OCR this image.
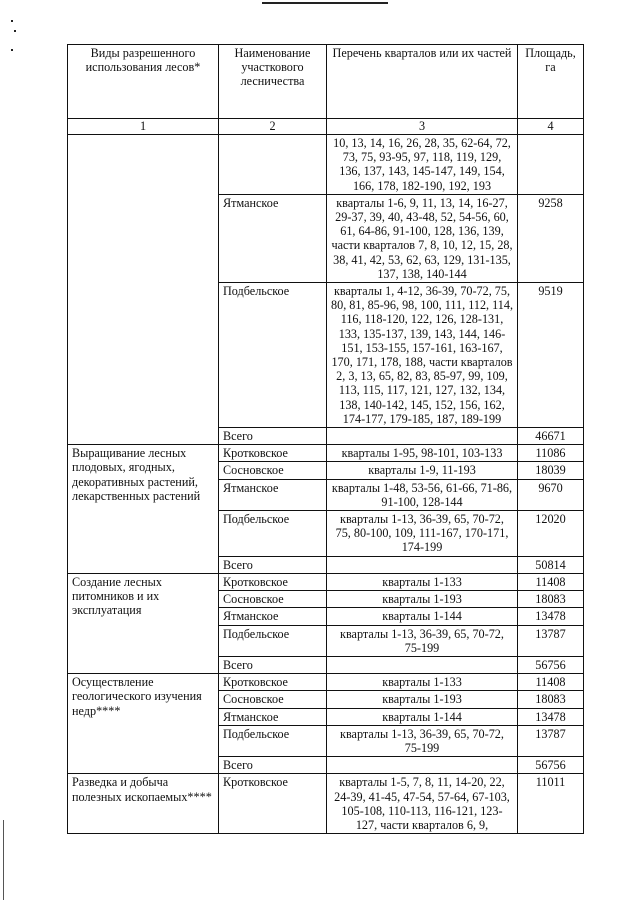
Виды разрешенного использования лесов*	Наименование участкового лесничества	Перечень кварталов или их частей	Площадь, га
1	2	3	4
		10, 13, 14, 16, 26, 28, 35, 62-64, 72, 73, 75, 93-95, 97, 118, 119, 129, 136, 137, 143, 145-147, 149, 154, 166, 178, 182-190, 192, 193	
	Ятманское	кварталы 1-6, 9, 11, 13, 14, 16-27, 29-37, 39, 40, 43-48, 52, 54-56, 60, 61, 64-86, 91-100, 128, 136, 139, части кварталов 7, 8, 10, 12, 15, 28, 38, 41, 42, 53, 62, 63, 129, 131-135, 137, 138, 140-144	9258
	Подбельское	кварталы 1, 4-12, 36-39, 70-72, 75, 80, 81, 85-96, 98, 100, 111, 112, 114, 116, 118-120, 122, 126, 128-131, 133, 135-137, 139, 143, 144, 146-151, 153-155, 157-161, 163-167, 170, 171, 178, 188, части кварталов 2, 3, 13, 65, 82, 83, 85-97, 99, 109, 113, 115, 117, 121, 127, 132, 134, 138, 140-142, 145, 152, 156, 162, 174-177, 179-185, 187, 189-199	9519
	Всего		46671
Выращивание лесных плодовых, ягодных, декоративных растений, лекарственных растений	Кротковское	кварталы 1-95, 98-101, 103-133	11086
	Сосновское	кварталы 1-9, 11-193	18039
	Ятманское	кварталы 1-48, 53-56, 61-66, 71-86, 91-100, 128-144	9670
	Подбельское	кварталы 1-13, 36-39, 65, 70-72, 75, 80-100, 109, 111-167, 170-171, 174-199	12020
	Всего		50814
Создание лесных питомников и их эксплуатация	Кротковское	кварталы 1-133	11408
	Сосновское	кварталы 1-193	18083
	Ятманское	кварталы 1-144	13478
	Подбельское	кварталы 1-13, 36-39, 65, 70-72, 75-199	13787
	Всего		56756
Осуществление геологического изучения недр****	Кротковское	кварталы 1-133	11408
	Сосновское	кварталы 1-193	18083
	Ятманское	кварталы 1-144	13478
	Подбельское	кварталы 1-13, 36-39, 65, 70-72, 75-199	13787
	Всего		56756
Разведка и добыча полезных ископаемых****	Кротковское	кварталы 1-5, 7, 8, 11, 14-20, 22, 24-39, 41-45, 47-54, 57-64, 67-103, 105-108, 110-113, 116-121, 123-127, части кварталов 6, 9,	11011
